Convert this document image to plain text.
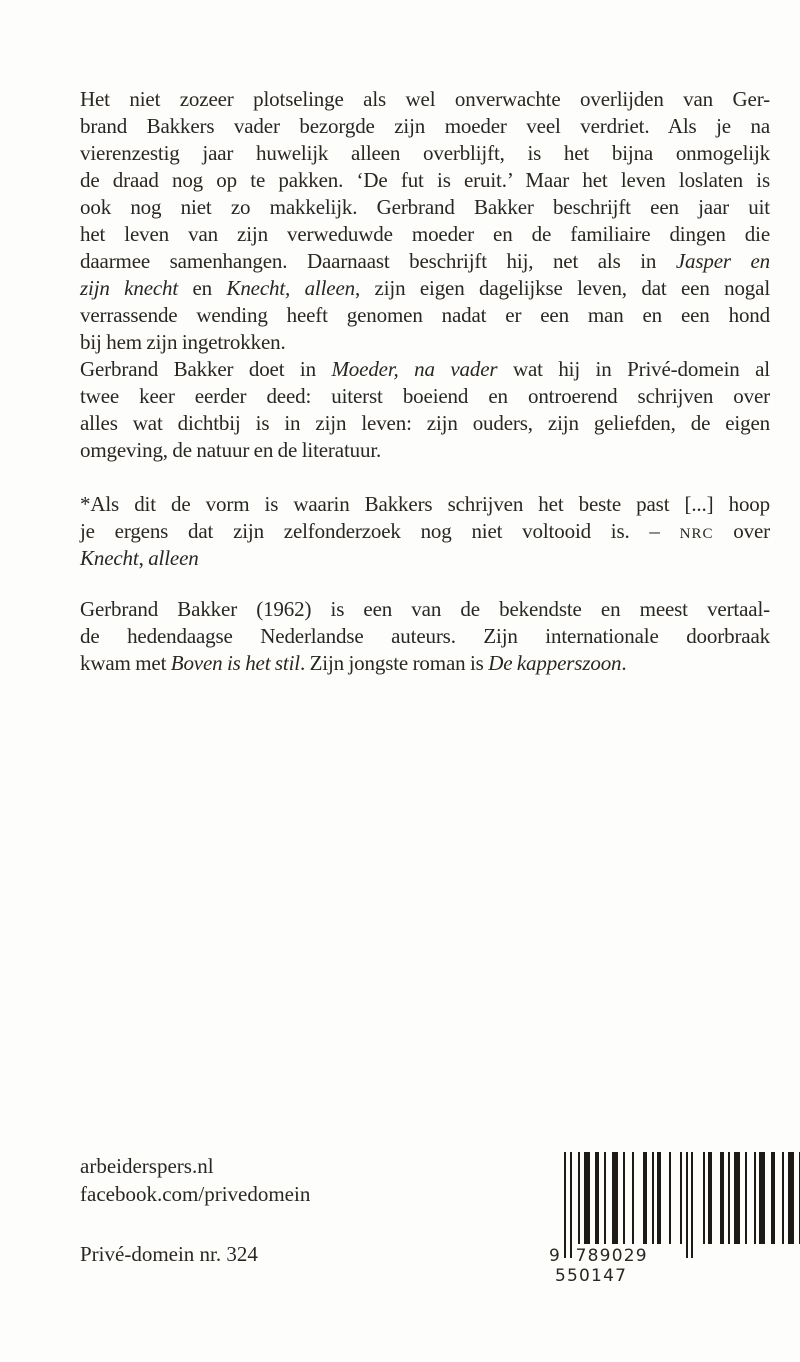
Het niet zozeer plotselinge als wel onverwachte overlijden van Ger-
brand Bakkers vader bezorgde zijn moeder veel verdriet. Als je na
vierenzestig jaar huwelijk alleen overblijft, is het bijna onmogelijk
de draad nog op te pakken. ‘De fut is eruit.’ Maar het leven loslaten is
ook nog niet zo makkelijk. Gerbrand Bakker beschrijft een jaar uit
het leven van zijn verweduwde moeder en de familiaire dingen die
daarmee samenhangen. Daarnaast beschrijft hij, net als in Jasper en
zijn knecht en Knecht, alleen, zijn eigen dagelijkse leven, dat een nogal
verrassende wending heeft genomen nadat er een man en een hond
bij hem zijn ingetrokken.
Gerbrand Bakker doet in Moeder, na vader wat hij in Privé-domein al
twee keer eerder deed: uiterst boeiend en ontroerend schrijven over
alles wat dichtbij is in zijn leven: zijn ouders, zijn geliefden, de eigen
omgeving, de natuur en de literatuur.
*Als dit de vorm is waarin Bakkers schrijven het beste past [...] hoop
je ergens dat zijn zelfonderzoek nog niet voltooid is. – nrc over
Knecht, alleen
Gerbrand Bakker (1962) is een van de bekendste en meest vertaal-
de hedendaagse Nederlandse auteurs. Zijn internationale doorbraak
kwam met Boven is het stil. Zijn jongste roman is De kapperszoon.
arbeiderspers.nl
facebook.com/privedomein
Privé-domein nr. 324	9 789029 550147
